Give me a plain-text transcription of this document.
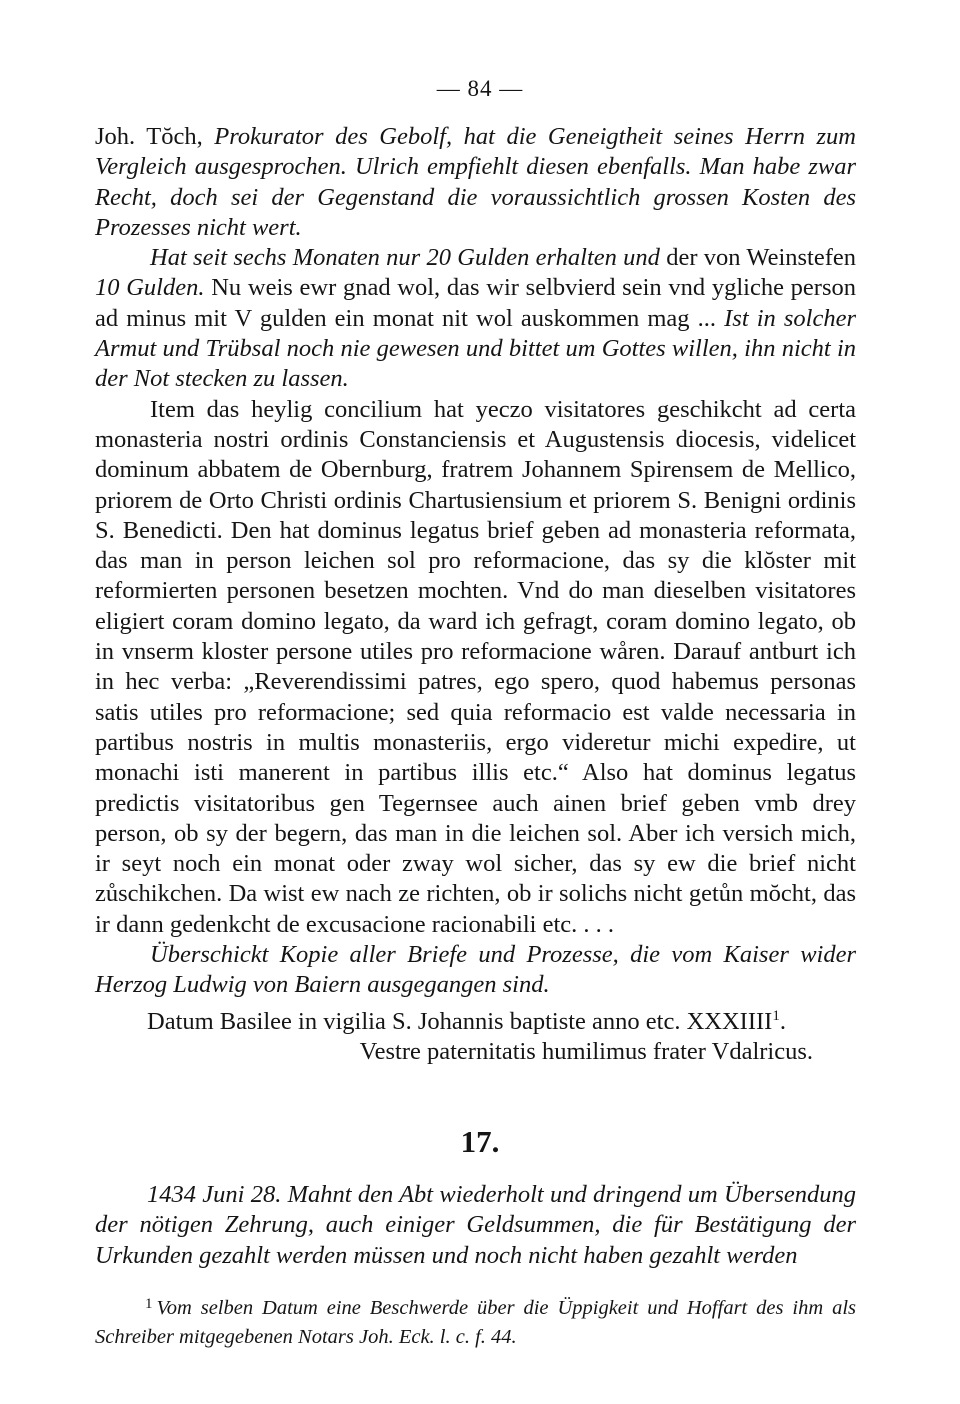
— 84 —

Joh. Tŏch, Prokurator des Gebolf, hat die Geneigtheit seines Herrn zum Vergleich ausgesprochen. Ulrich empfiehlt diesen ebenfalls. Man habe zwar Recht, doch sei der Gegenstand die voraussichtlich grossen Kosten des Prozesses nicht wert.

Hat seit sechs Monaten nur 20 Gulden erhalten und der von Weinstefen 10 Gulden. Nu weis ewr gnad wol, das wir selbvierd sein vnd ygliche person ad minus mit V gulden ein monat nit wol auskommen mag ... Ist in solcher Armut und Trübsal noch nie gewesen und bittet um Gottes willen, ihn nicht in der Not stecken zu lassen.

Item das heylig concilium hat yeczo visitatores geschikcht ad certa monasteria nostri ordinis Constanciensis et Augustensis diocesis, videlicet dominum abbatem de Obernburg, fratrem Johannem Spirensem de Mellico, priorem de Orto Christi ordinis Chartusiensium et priorem S. Benigni ordinis S. Benedicti. Den hat dominus legatus brief geben ad monasteria reformata, das man in person leichen sol pro reformacione, das sy die klŏster mit reformierten personen besetzen mochten. Vnd do man dieselben visitatores eligiert coram domino legato, da ward ich gefragt, coram domino legato, ob in vnserm kloster persone utiles pro reformacione wåren. Darauf antburt ich in hec verba: „Reverendissimi patres, ego spero, quod habemus personas satis utiles pro reformacione; sed quia reformacio est valde necessaria in partibus nostris in multis monasteriis, ergo videretur michi expedire, ut monachi isti manerent in partibus illis etc.“ Also hat dominus legatus predictis visitatoribus gen Tegernsee auch ainen brief geben vmb drey person, ob sy der begern, das man in die leichen sol. Aber ich versich mich, ir seyt noch ein monat oder zway wol sicher, das sy ew die brief nicht zůschikchen. Da wist ew nach ze richten, ob ir solichs nicht getůn mŏcht, das ir dann gedenkcht de excusacione racionabili etc. . . .

Überschickt Kopie aller Briefe und Prozesse, die vom Kaiser wider Herzog Ludwig von Baiern ausgegangen sind.

Datum Basilee in vigilia S. Johannis baptiste anno etc. XXXIIII$^1$.

Vestre paternitatis humilimus frater Vdalricus.

17.

1434 Juni 28. Mahnt den Abt wiederholt und dringend um Übersendung der nötigen Zehrung, auch einiger Geldsummen, die für Bestätigung der Urkunden gezahlt werden müssen und noch nicht haben gezahlt werden

$^1$ Vom selben Datum eine Beschwerde über die Üppigkeit und Hoffart des ihm als Schreiber mitgegebenen Notars Joh. Eck. l. c. f. 44.
